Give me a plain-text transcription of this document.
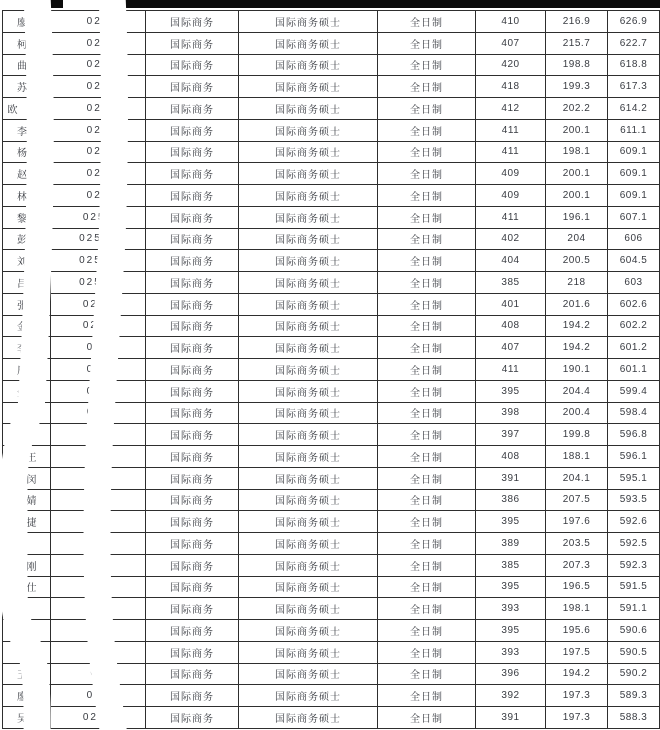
廖	025	国际商务	国际商务硕士	全日制	410	216.9	626.9
柯	025	国际商务	国际商务硕士	全日制	407	215.7	622.7
曲	025	国际商务	国际商务硕士	全日制	420	198.8	618.8
苏	025	国际商务	国际商务硕士	全日制	418	199.3	617.3
欧阳	025	国际商务	国际商务硕士	全日制	412	202.2	614.2
李	025	国际商务	国际商务硕士	全日制	411	200.1	611.1
杨	025	国际商务	国际商务硕士	全日制	411	198.1	609.1
赵	025	国际商务	国际商务硕士	全日制	409	200.1	609.1
林	025	国际商务	国际商务硕士	全日制	409	200.1	609.1
黎	0254	国际商务	国际商务硕士	全日制	411	196.1	607.1
彭	02546	国际商务	国际商务硕士	全日制	402	204	606
刘	02546	国际商务	国际商务硕士	全日制	404	200.5	604.5
吕	02546	国际商务	国际商务硕士	全日制	385	218	603
张	0254	国际商务	国际商务硕士	全日制	401	201.6	602.6
金	0254	国际商务	国际商务硕士	全日制	408	194.2	602.2
李	025	国际商务	国际商务硕士	全日制	407	194.2	601.2
周	025	国际商务	国际商务硕士	全日制	411	190.1	601.1
金	025	国际商务	国际商务硕士	全日制	395	204.4	599.4
李	025	国际商务	国际商务硕士	全日制	398	200.4	598.4
付	025	国际商务	国际商务硕士	全日制	397	199.8	596.8
　王	025	国际商务	国际商务硕士	全日制	408	188.1	596.1
　闵	025	国际商务	国际商务硕士	全日制	391	204.1	595.1
　婧	02	国际商务	国际商务硕士	全日制	386	207.5	593.5
　捷	02	国际商务	国际商务硕士	全日制	395	197.6	592.6
	02	国际商务	国际商务硕士	全日制	389	203.5	592.5
马刚	02	国际商务	国际商务硕士	全日制	385	207.3	592.3
张仕	02	国际商务	国际商务硕士	全日制	395	196.5	591.5
潘	02	国际商务	国际商务硕士	全日制	393	198.1	591.1
林	02	国际商务	国际商务硕士	全日制	395	195.6	590.6
何	02	国际商务	国际商务硕士	全日制	393	197.5	590.5
王	02	国际商务	国际商务硕士	全日制	396	194.2	590.2
廖	025	国际商务	国际商务硕士	全日制	392	197.3	589.3
吴	0254	国际商务	国际商务硕士	全日制	391	197.3	588.3
